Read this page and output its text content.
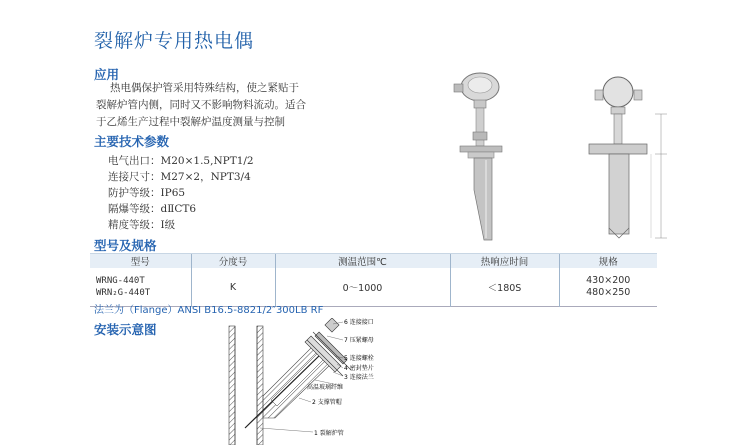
裂解炉专用热电偶
应用
热电偶保护管采用特殊结构，使之紧贴于
裂解炉管内侧，同时又不影响物料流动。适合
于乙烯生产过程中裂解炉温度测量与控制
主要技术参数
电气出口：M20×1.5,NPT1/2
连接尺寸：M27×2，NPT3/4
防护等级：IP65
隔爆等级：dⅡCT6
精度等级：Ⅰ级
型号及规格
型号	分度号	测温范围℃	热响应时间	规格

WRNG-440T
WRN₂G-440T	K	0～1000	＜180S	430×200
480×250
法兰为（Flange）ANSI B16.5-8821/2″300LB RF
安装示意图	6 连接接口
7 压紧螺母
5 连接螺栓
4 密封垫片
3 连接法兰
高温玻璃纤维
2 支撑管帽
1 裂解炉管
